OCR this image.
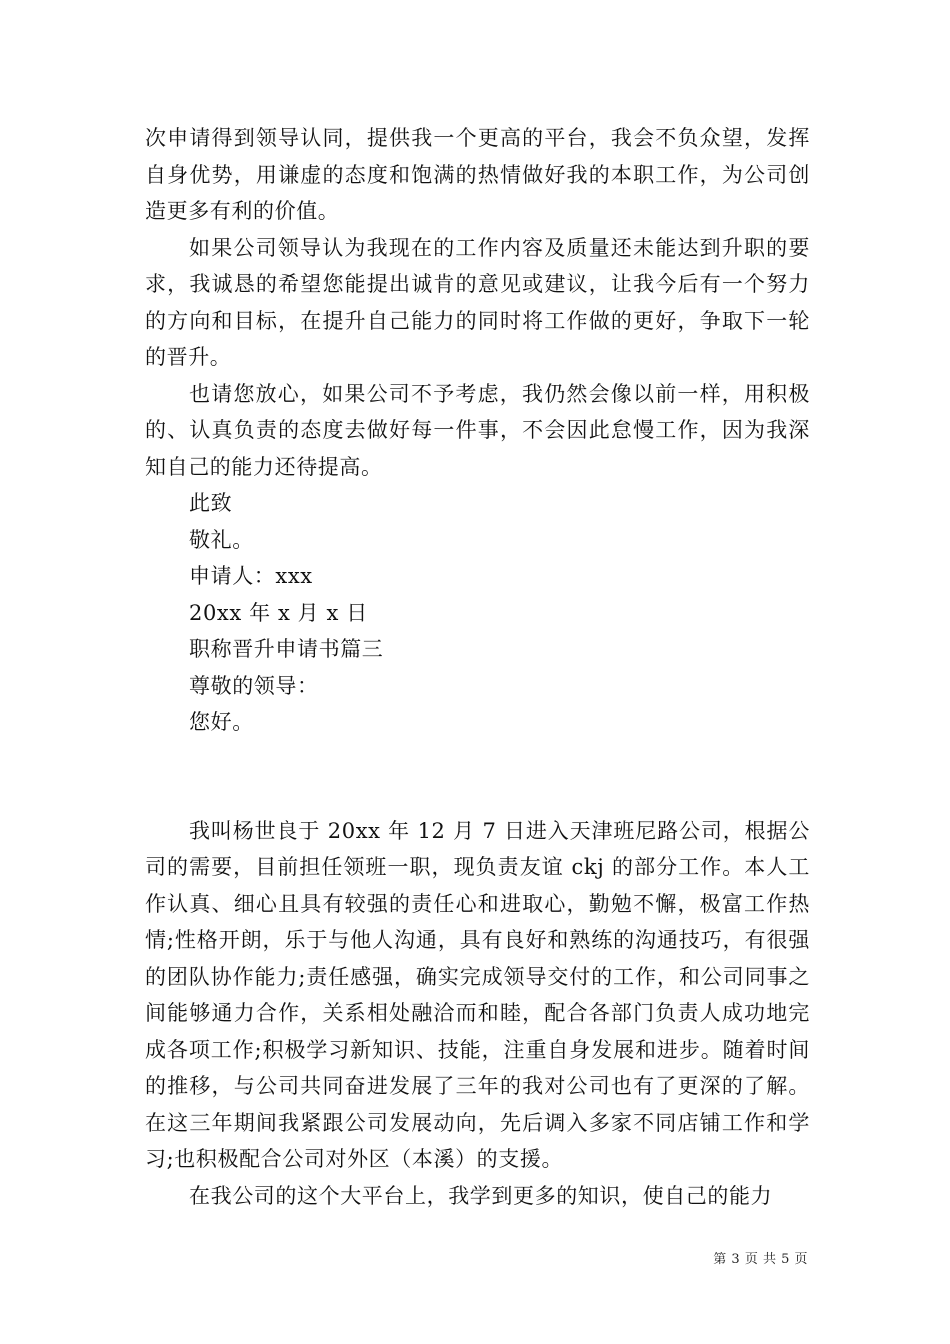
次申请得到领导认同，提供我一个更高的平台，我会不负众望，发挥自身优势，用谦虚的态度和饱满的热情做好我的本职工作，为公司创造更多有利的价值。

如果公司领导认为我现在的工作内容及质量还未能达到升职的要求，我诚恳的希望您能提出诚肯的意见或建议，让我今后有一个努力的方向和目标，在提升自己能力的同时将工作做的更好，争取下一轮的晋升。

也请您放心，如果公司不予考虑，我仍然会像以前一样，用积极的、认真负责的态度去做好每一件事，不会因此怠慢工作，因为我深知自己的能力还待提高。

此致

敬礼。

申请人：xxx

20xx 年 x 月 x 日

职称晋升申请书篇三

尊敬的领导：

您好。

我叫杨世良于 20xx 年 12 月 7 日进入天津班尼路公司，根据公司的需要，目前担任领班一职，现负责友谊 ckj 的部分工作。本人工作认真、细心且具有较强的责任心和进取心，勤勉不懈，极富工作热情;性格开朗，乐于与他人沟通，具有良好和熟练的沟通技巧，有很强的团队协作能力;责任感强，确实完成领导交付的工作，和公司同事之间能够通力合作，关系相处融洽而和睦，配合各部门负责人成功地完成各项工作;积极学习新知识、技能，注重自身发展和进步。随着时间的推移，与公司共同奋进发展了三年的我对公司也有了更深的了解。在这三年期间我紧跟公司发展动向，先后调入多家不同店铺工作和学习;也积极配合公司对外区（本溪）的支援。

在我公司的这个大平台上，我学到更多的知识，使自己的能力

第 3 页 共 5 页
